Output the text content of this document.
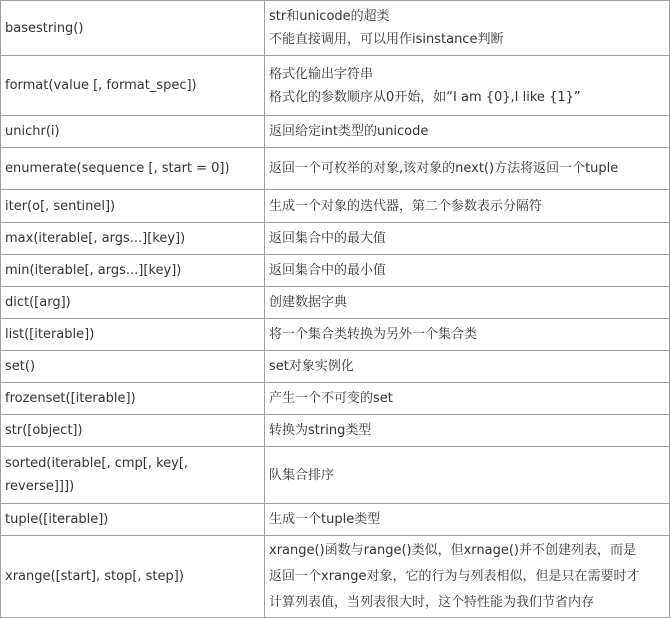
basestring()	str和unicode的超类
不能直接调用，可以用作isinstance判断

format(value [, format_spec])	格式化输出字符串
格式化的参数顺序从0开始，如“I am {0},I like {1}”

unichr(i)	返回给定int类型的unicode

enumerate(sequence [, start = 0])	返回一个可枚举的对象,该对象的next()方法将返回一个tuple

iter(o[, sentinel])	生成一个对象的迭代器，第二个参数表示分隔符

max(iterable[, args...][key])	返回集合中的最大值

min(iterable[, args...][key])	返回集合中的最小值

dict([arg])	创建数据字典

list([iterable])	将一个集合类转换为另外一个集合类

set()	set对象实例化

frozenset([iterable])	产生一个不可变的set

str([object])	转换为string类型

sorted(iterable[, cmp[, key[, reverse]]])	队集合排序

tuple([iterable])	生成一个tuple类型

xrange([start], stop[, step])	xrange()函数与range()类似，但xrnage()并不创建列表，而是
返回一个xrange对象，它的行为与列表相似，但是只在需要时才
计算列表值，当列表很大时，这个特性能为我们节省内存
